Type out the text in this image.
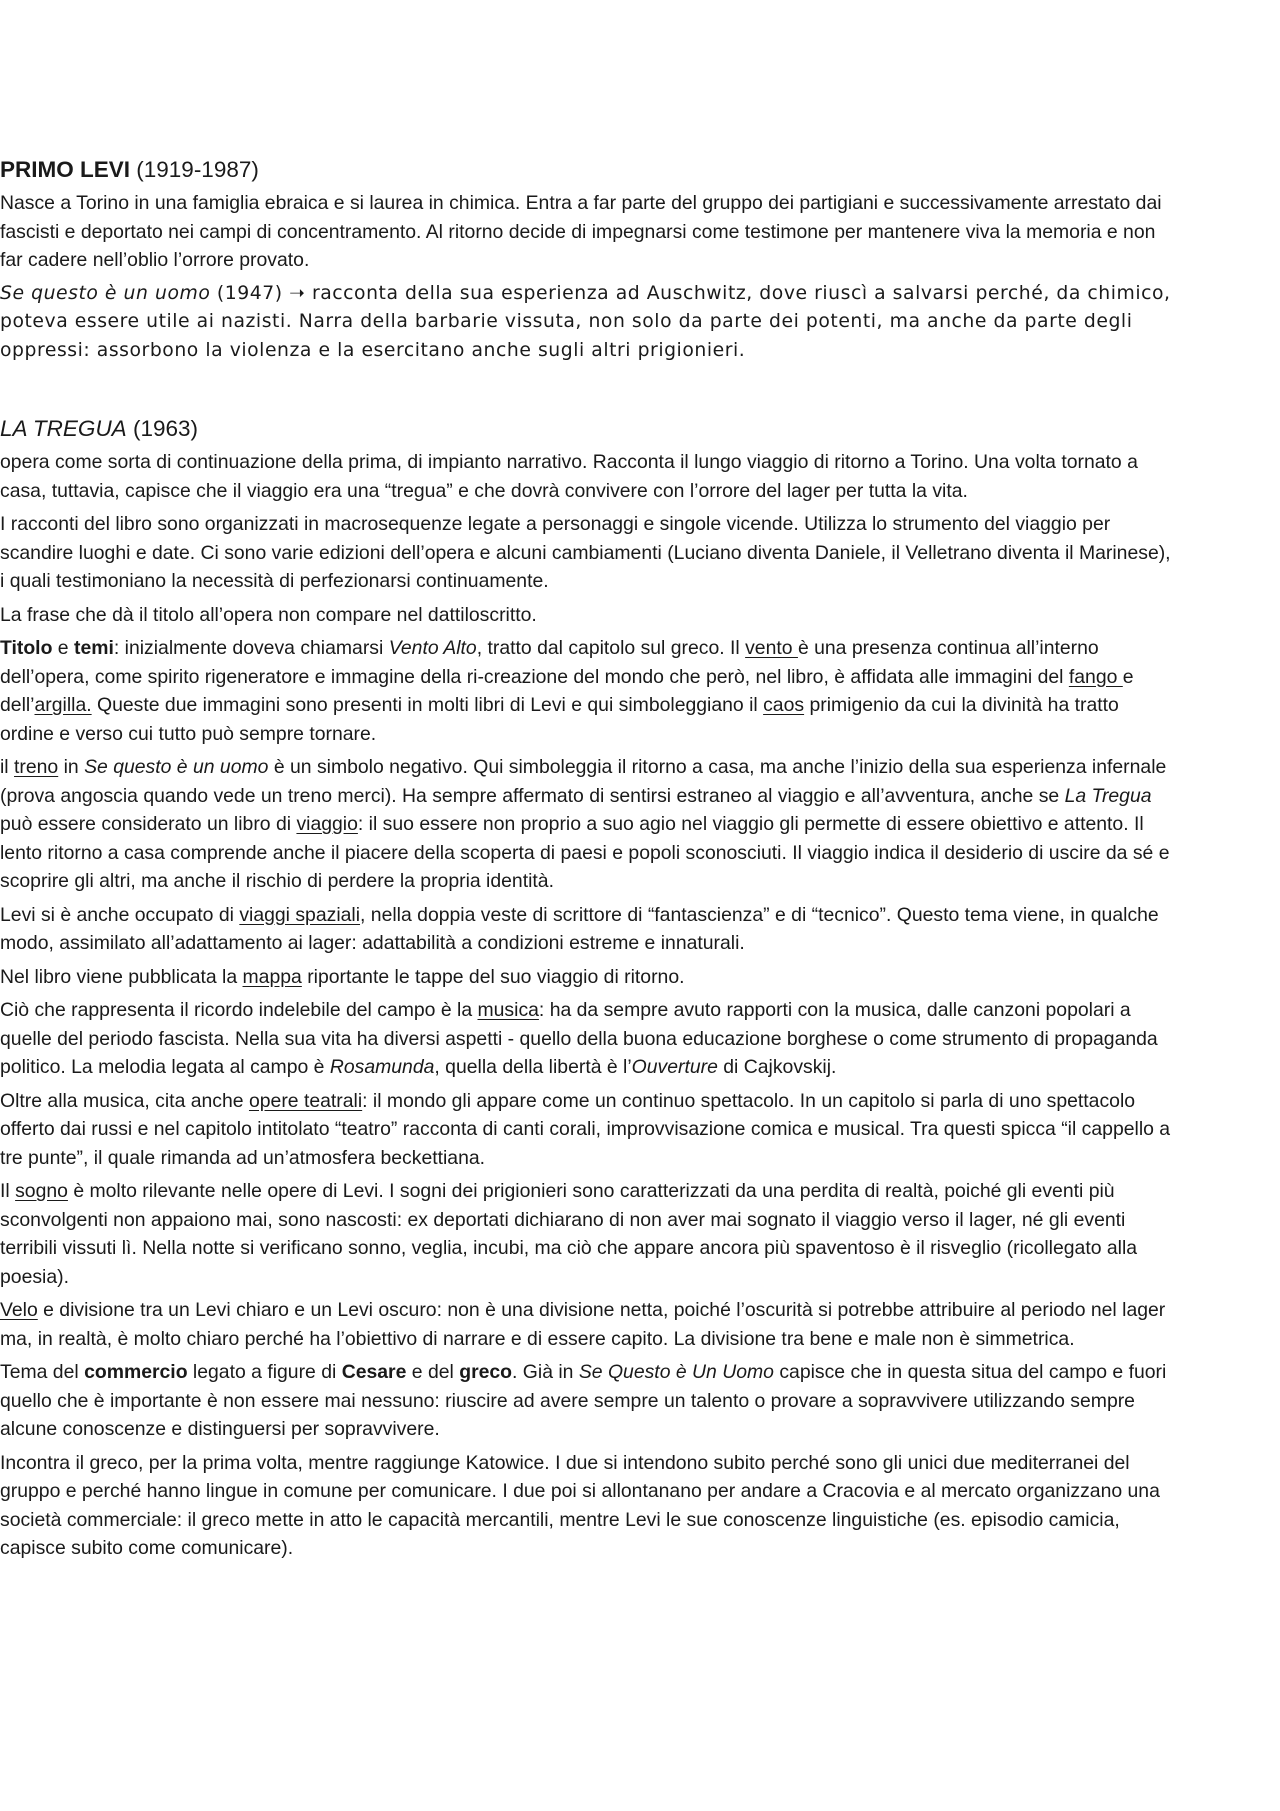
PRIMO LEVI (1919-1987)

Nasce a Torino in una famiglia ebraica e si laurea in chimica. Entra a far parte del gruppo dei partigiani e successivamente arrestato dai fascisti e deportato nei campi di concentramento. Al ritorno decide di impegnarsi come testimone per mantenere viva la memoria e non far cadere nell’oblio l’orrore provato.

Se questo è un uomo (1947) ➝ racconta della sua esperienza ad Auschwitz, dove riuscì a salvarsi perché, da chimico, poteva essere utile ai nazisti. Narra della barbarie vissuta, non solo da parte dei potenti, ma anche da parte degli oppressi: assorbono la violenza e la esercitano anche sugli altri prigionieri.

LA TREGUA (1963)

opera come sorta di continuazione della prima, di impianto narrativo. Racconta il lungo viaggio di ritorno a Torino. Una volta tornato a casa, tuttavia, capisce che il viaggio era una “tregua” e che dovrà convivere con l’orrore del lager per tutta la vita.

I racconti del libro sono organizzati in macrosequenze legate a personaggi e singole vicende. Utilizza lo strumento del viaggio per scandire luoghi e date. Ci sono varie edizioni dell’opera e alcuni cambiamenti (Luciano diventa Daniele, il Velletrano diventa il Marinese), i quali testimoniano la necessità di perfezionarsi continuamente.

La frase che dà il titolo all’opera non compare nel dattiloscritto.

Titolo e temi: inizialmente doveva chiamarsi Vento Alto, tratto dal capitolo sul greco. Il vento è una presenza continua all’interno dell’opera, come spirito rigeneratore e immagine della ri-creazione del mondo che però, nel libro, è affidata alle immagini del fango e dell’argilla. Queste due immagini sono presenti in molti libri di Levi e qui simboleggiano il caos primigenio da cui la divinità ha tratto ordine e verso cui tutto può sempre tornare.

il treno in Se questo è un uomo è un simbolo negativo. Qui simboleggia il ritorno a casa, ma anche l’inizio della sua esperienza infernale (prova angoscia quando vede un treno merci). Ha sempre affermato di sentirsi estraneo al viaggio e all’avventura, anche se La Tregua può essere considerato un libro di viaggio: il suo essere non proprio a suo agio nel viaggio gli permette di essere obiettivo e attento. Il lento ritorno a casa comprende anche il piacere della scoperta di paesi e popoli sconosciuti. Il viaggio indica il desiderio di uscire da sé e scoprire gli altri, ma anche il rischio di perdere la propria identità.

Levi si è anche occupato di viaggi spaziali, nella doppia veste di scrittore di “fantascienza” e di “tecnico”. Questo tema viene, in qualche modo, assimilato all’adattamento ai lager: adattabilità a condizioni estreme e innaturali.

Nel libro viene pubblicata la mappa riportante le tappe del suo viaggio di ritorno.

Ciò che rappresenta il ricordo indelebile del campo è la musica: ha da sempre avuto rapporti con la musica, dalle canzoni popolari a quelle del periodo fascista. Nella sua vita ha diversi aspetti - quello della buona educazione borghese o come strumento di propaganda politico. La melodia legata al campo è Rosamunda, quella della libertà è l’Ouverture di Cajkovskij.

Oltre alla musica, cita anche opere teatrali: il mondo gli appare come un continuo spettacolo. In un capitolo si parla di uno spettacolo offerto dai russi e nel capitolo intitolato “teatro” racconta di canti corali, improvvisazione comica e musical. Tra questi spicca “il cappello a tre punte”, il quale rimanda ad un’atmosfera beckettiana.

Il sogno è molto rilevante nelle opere di Levi. I sogni dei prigionieri sono caratterizzati da una perdita di realtà, poiché gli eventi più sconvolgenti non appaiono mai, sono nascosti: ex deportati dichiarano di non aver mai sognato il viaggio verso il lager, né gli eventi terribili vissuti lì. Nella notte si verificano sonno, veglia, incubi, ma ciò che appare ancora più spaventoso è il risveglio (ricollegato alla poesia).

Velo e divisione tra un Levi chiaro e un Levi oscuro: non è una divisione netta, poiché l’oscurità si potrebbe attribuire al periodo nel lager ma, in realtà, è molto chiaro perché ha l’obiettivo di narrare e di essere capito. La divisione tra bene e male non è simmetrica.

Tema del commercio legato a figure di Cesare e del greco. Già in Se Questo è Un Uomo capisce che in questa situa del campo e fuori quello che è importante è non essere mai nessuno: riuscire ad avere sempre un talento o provare a sopravvivere utilizzando sempre alcune conoscenze e distinguersi per sopravvivere.

Incontra il greco, per la prima volta, mentre raggiunge Katowice. I due si intendono subito perché sono gli unici due mediterranei del gruppo e perché hanno lingue in comune per comunicare. I due poi si allontanano per andare a Cracovia e al mercato organizzano una società commerciale: il greco mette in atto le capacità mercantili, mentre Levi le sue conoscenze linguistiche (es. episodio camicia, capisce subito come comunicare).
